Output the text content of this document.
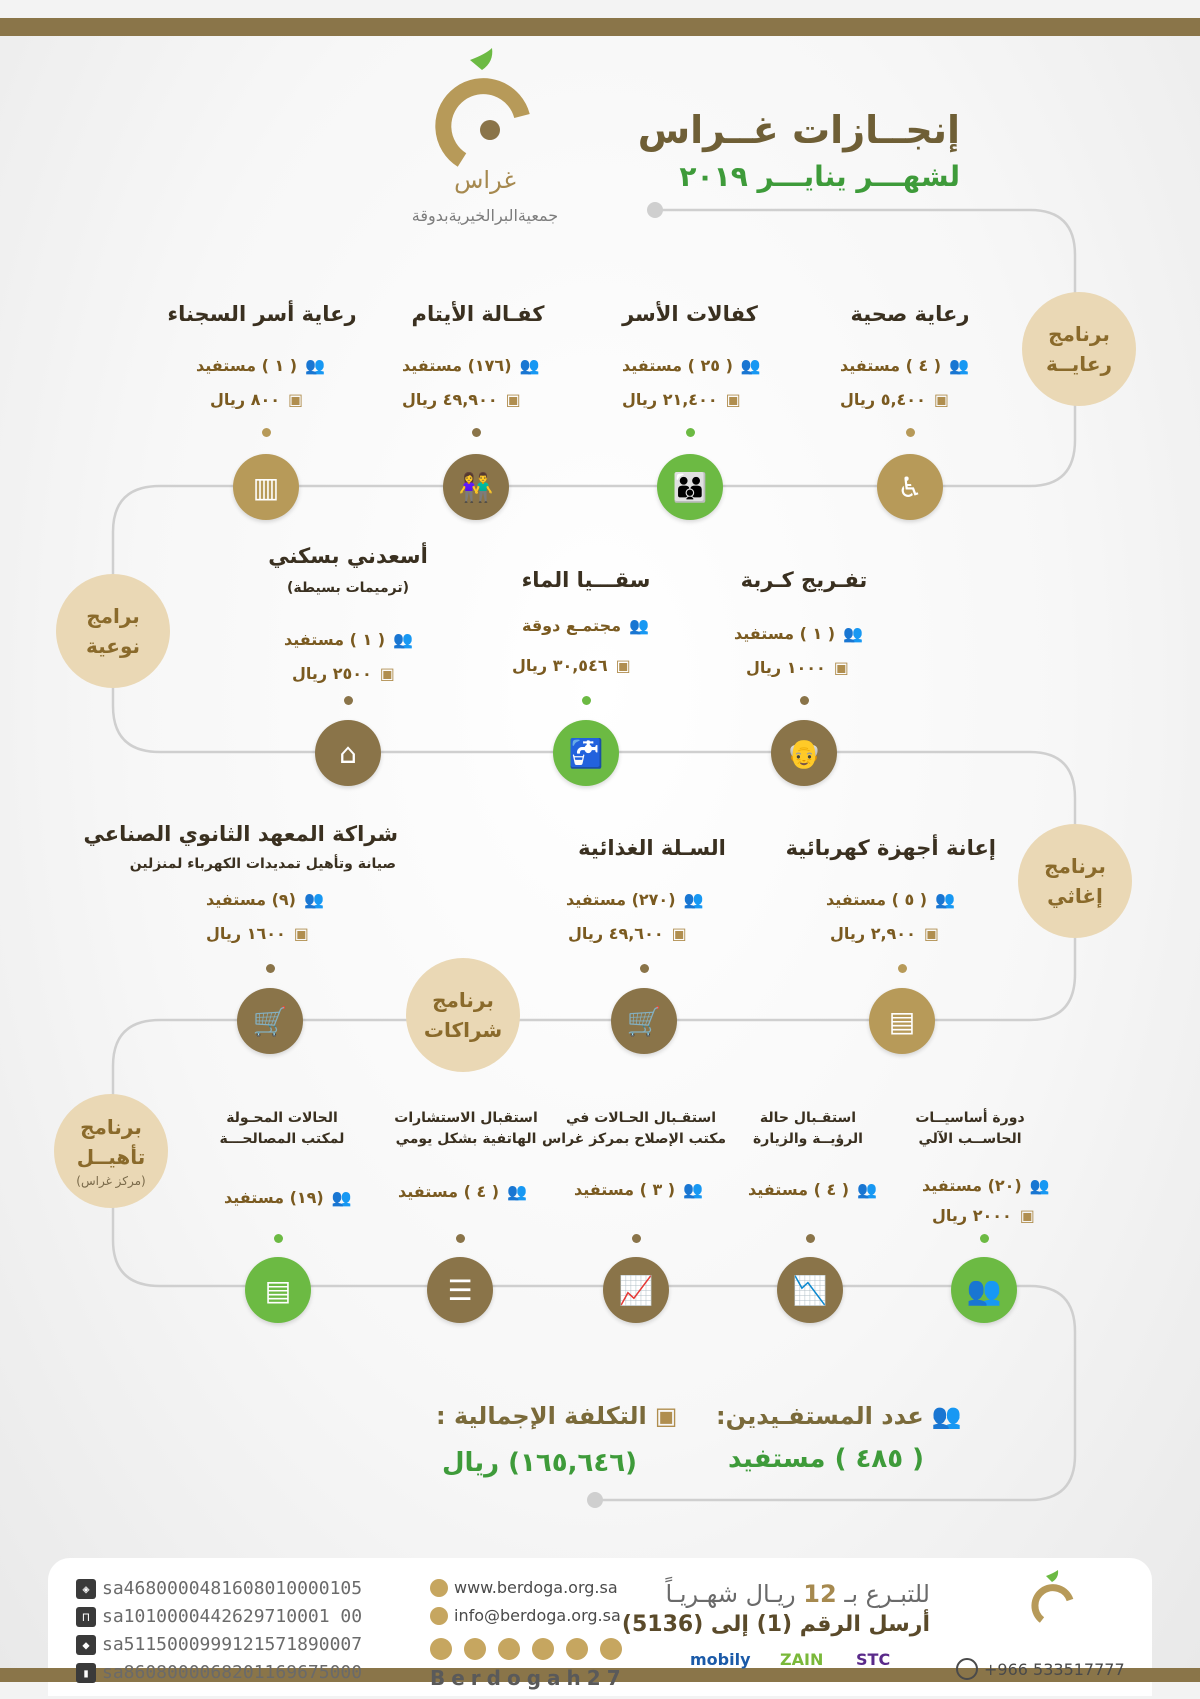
غراس
جمعيةالبرالخيريةبدوقة
إنجــازات غــراس
لشهـــر ينايـــر ٢٠١٩
برنامج
رعايــة
برامج
نوعية
برنامج
إغاثي
برنامج
شراكات
برنامج
تأهيــل
(مركز غراس)
رعاية صحية
👥
( ٤ ) مستفيد
▣
٥,٤٠٠ ريال
♿
كفالات الأسر
👥
( ٢٥ ) مستفيد
▣
٢١,٤٠٠ ريال
👪
كفـالة الأيتام
👥
(١٧٦) مستفيد
▣
٤٩,٩٠٠ ريال
👫
رعاية أسر السجناء
👥
( ١ ) مستفيد
▣
٨٠٠ ريال
▥
تفـريج كـربة
👥
( ١ ) مستفيد
▣
١٠٠٠ ريال
👴
سقـــيا الماء
👥
مجتمـع دوقة
▣
٣٠,٥٤٦ ريال
🚰
أسعدني بسكني
(ترميمات بسيطة)
👥
( ١ ) مستفيد
▣
٢٥٠٠ ريال
⌂
إعانة أجهزة كهربائية
👥
( ٥ ) مستفيد
▣
٢,٩٠٠ ريال
▤
السـلة الغذائية
👥
(٢٧٠) مستفيد
▣
٤٩,٦٠٠ ريال
🛒
شراكة المعهد الثانوي الصناعي
صيانة وتأهيل تمديدات الكهرباء لمنزلين
👥
(٩) مستفيد
▣
١٦٠٠ ريال
🛒
دورة أساسيــات
الحاســب الآلي
👥
(٢٠) مستفيد
▣
٢٠٠٠ ريال
👥
استقـبال حالة
الرؤيــة والزيارة
👥
( ٤ ) مستفيد
📉
استقـبال الحـالات في
مكتب الإصلاح بمركز غراس
👥
( ٣ ) مستفيد
📈
استقبال الاستشارات
الهاتفية بشكل يومي
👥
( ٤ ) مستفيد
☰
الحالات المحـولة
لمكتب المصالحـــة
👥
(١٩) مستفيد
▤
👥
عدد المستفـيدين:
( ٤٨٥ ) مستفيد
▣
التكلفة الإجمالية :
(١٦٥,٦٤٦) ريال
◈ sa4680000481608010000105
⊓ sa1010000442629710001 00
◆ sa5115000999121571890007
▮ sa8608000068201169675000
www.berdoga.org.sa
info@berdoga.org.sa
Berdogah27
للتبـرع بـ 12 ريـال شهـريـاً
أرسل الرقم (1) إلى (5136)
STC
ZAIN
mobily	+966 533517777
